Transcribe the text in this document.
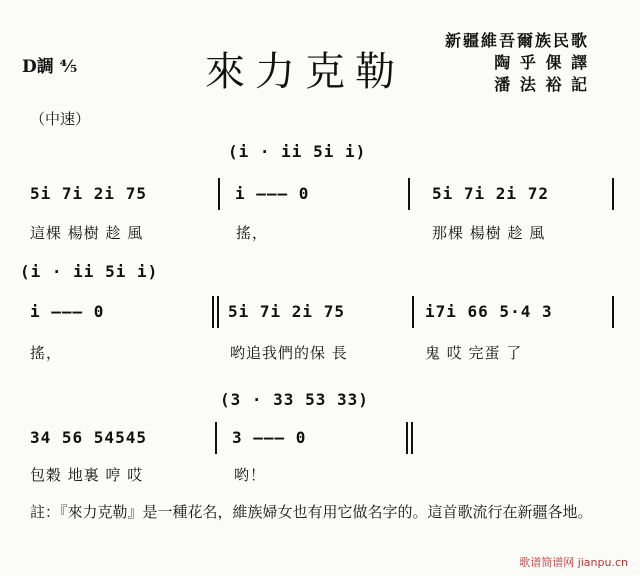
D調 ⅘	來力克勒
新疆維吾爾族民歌
陶 乎 倮 譯
潘 法 裕 記
（中速）
(i · ii 5i i)
5i 7i 2i 75	i ——— 0	5i 7i 2i 72
這棵 楊樹 趁 風	搖，	那棵 楊樹 趁 風
(i · ii 5i i)
i ——— 0	5i 7i 2i 75	i7i 66 5·4 3
搖，	哟追我們的保 長	鬼 哎 完蛋 了
(3 · 33 53 33)
34 56 54545	3 ——— 0
包穀 地裏 哼 哎	哟！
註：『來力克勒』是一種花名，維族婦女也有用它做名字的。這首歌流行在新疆各地。
歌谱简谱网 jianpu.cn
